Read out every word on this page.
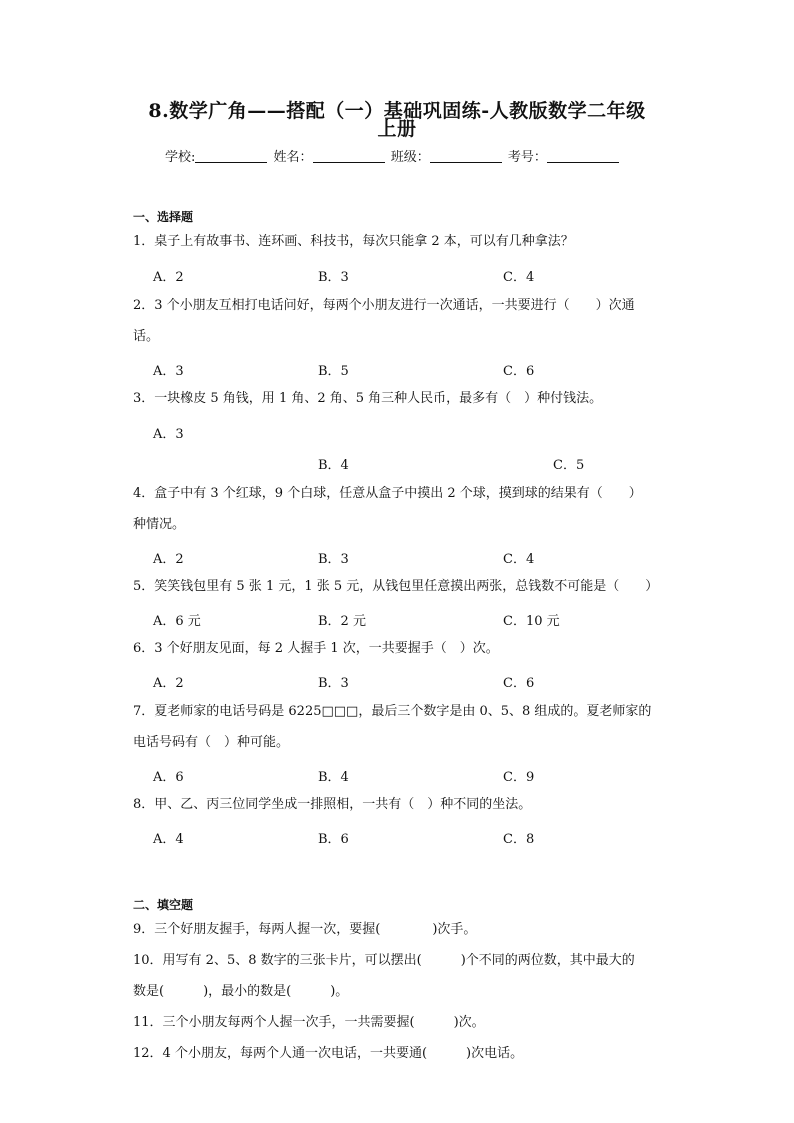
8.数学广角——搭配（一）基础巩固练-人教版数学二年级
上册
学校:	姓名：	班级：	考号：
一、选择题
1．桌子上有故事书、连环画、科技书，每次只能拿 2 本，可以有几种拿法？
A．2	B．3	C．4
2．3 个小朋友互相打电话问好，每两个小朋友进行一次通话，一共要进行（　　）次通
话。
A．3	B．5	C．6
3．一块橡皮 5 角钱，用 1 角、2 角、5 角三种人民币，最多有（　）种付钱法。
A．3
B．4	C．5
4．盒子中有 3 个红球，9 个白球，任意从盒子中摸出 2 个球，摸到球的结果有（　　）
种情况。
A．2	B．3	C．4
5．笑笑钱包里有 5 张 1 元，1 张 5 元，从钱包里任意摸出两张，总钱数不可能是（　　）
A．6 元	B．2 元	C．10 元
6．3 个好朋友见面，每 2 人握手 1 次，一共要握手（　）次。
A．2	B．3	C．6
7．夏老师家的电话号码是 6225□□□，最后三个数字是由 0、5、8 组成的。夏老师家的
电话号码有（　）种可能。
A．6	B．4	C．9
8．甲、乙、丙三位同学坐成一排照相，一共有（　）种不同的坐法。
A．4	B．6	C．8
二、填空题
9．三个好朋友握手，每两人握一次，要握(　　　　)次手。
10．用写有 2、5、8 数字的三张卡片，可以摆出(　　　)个不同的两位数，其中最大的
数是(　　　)，最小的数是(　　　)。
11．三个小朋友每两个人握一次手，一共需要握(　　　)次。
12．4 个小朋友，每两个人通一次电话，一共要通(　　　)次电话。
